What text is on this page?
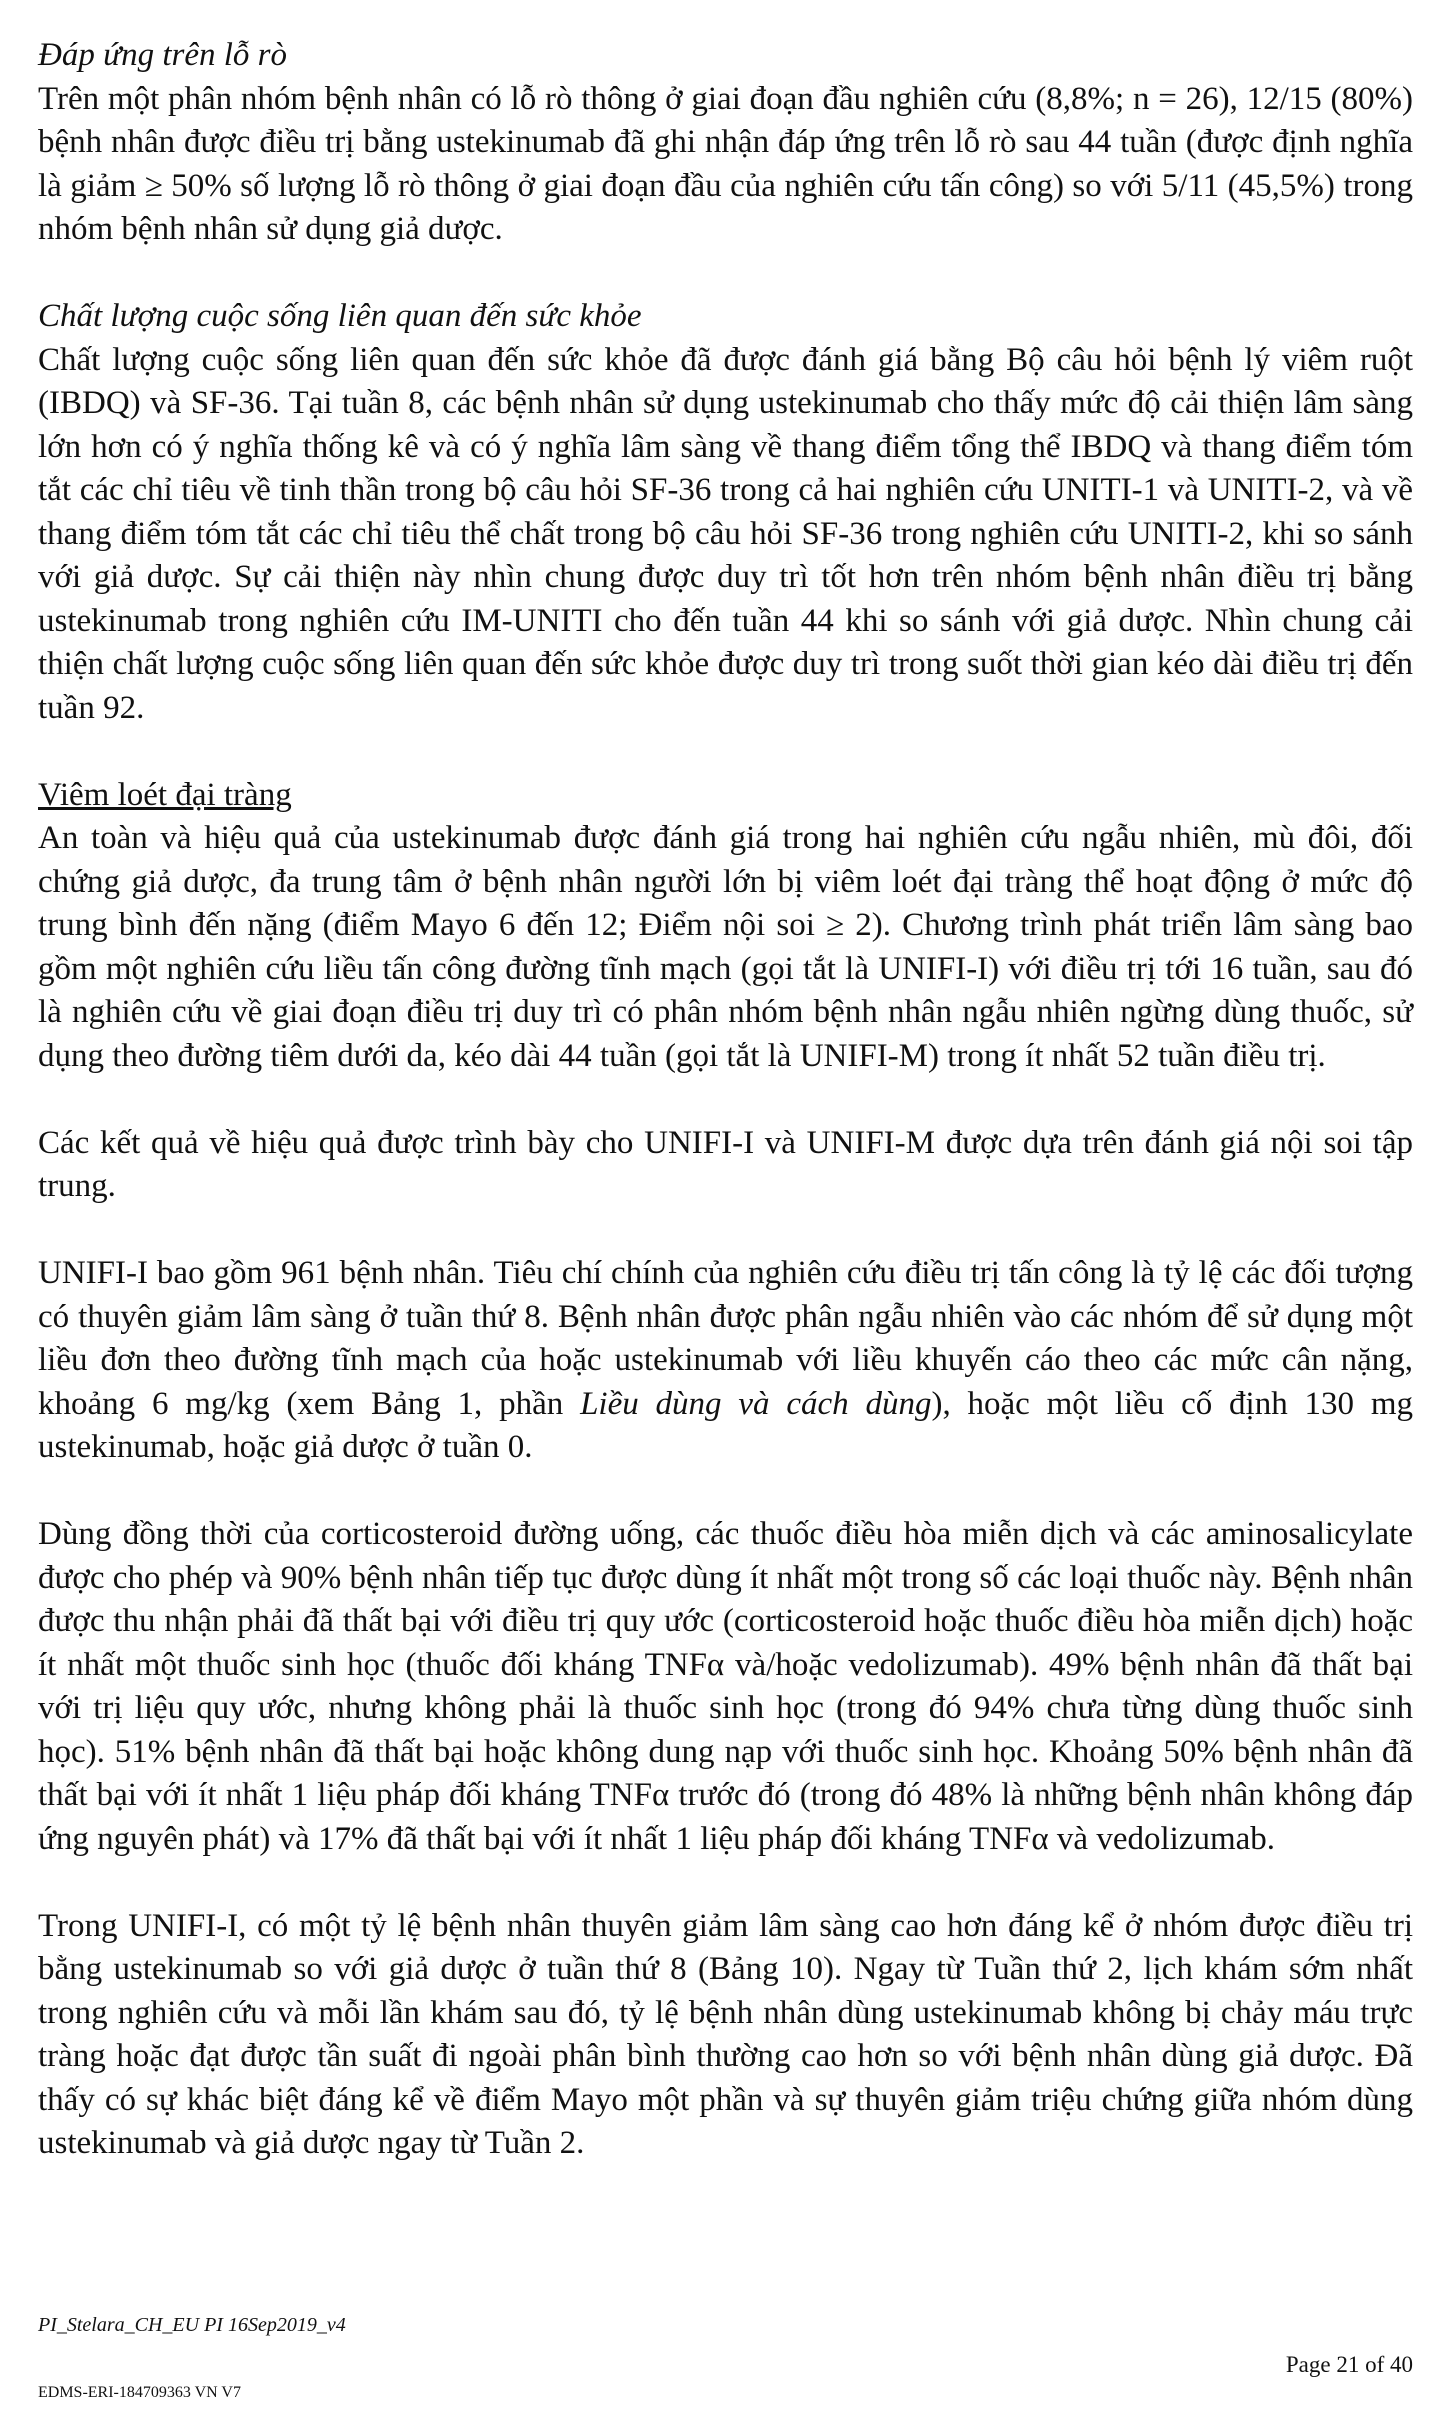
Đáp ứng trên lỗ rò

Trên một phân nhóm bệnh nhân có lỗ rò thông ở giai đoạn đầu nghiên cứu (8,8%; n = 26), 12/15 (80%) bệnh nhân được điều trị bằng ustekinumab đã ghi nhận đáp ứng trên lỗ rò sau 44 tuần (được định nghĩa là giảm ≥ 50% số lượng lỗ rò thông ở giai đoạn đầu của nghiên cứu tấn công) so với 5/11 (45,5%) trong nhóm bệnh nhân sử dụng giả dược.

Chất lượng cuộc sống liên quan đến sức khỏe

Chất lượng cuộc sống liên quan đến sức khỏe đã được đánh giá bằng Bộ câu hỏi bệnh lý viêm ruột (IBDQ) và SF-36. Tại tuần 8, các bệnh nhân sử dụng ustekinumab cho thấy mức độ cải thiện lâm sàng lớn hơn có ý nghĩa thống kê và có ý nghĩa lâm sàng về thang điểm tổng thể IBDQ và thang điểm tóm tắt các chỉ tiêu về tinh thần trong bộ câu hỏi SF-36 trong cả hai nghiên cứu UNITI-1 và UNITI-2, và về thang điểm tóm tắt các chỉ tiêu thể chất trong bộ câu hỏi SF-36 trong nghiên cứu UNITI-2, khi so sánh với giả dược. Sự cải thiện này nhìn chung được duy trì tốt hơn trên nhóm bệnh nhân điều trị bằng ustekinumab trong nghiên cứu IM-UNITI cho đến tuần 44 khi so sánh với giả dược. Nhìn chung cải thiện chất lượng cuộc sống liên quan đến sức khỏe được duy trì trong suốt thời gian kéo dài điều trị đến tuần 92.

Viêm loét đại tràng

An toàn và hiệu quả của ustekinumab được đánh giá trong hai nghiên cứu ngẫu nhiên, mù đôi, đối chứng giả dược, đa trung tâm ở bệnh nhân người lớn bị viêm loét đại tràng thể hoạt động ở mức độ trung bình đến nặng (điểm Mayo 6 đến 12; Điểm nội soi ≥ 2). Chương trình phát triển lâm sàng bao gồm một nghiên cứu liều tấn công đường tĩnh mạch (gọi tắt là UNIFI-I) với điều trị tới 16 tuần, sau đó là nghiên cứu về giai đoạn điều trị duy trì có phân nhóm bệnh nhân ngẫu nhiên ngừng dùng thuốc, sử dụng theo đường tiêm dưới da, kéo dài 44 tuần (gọi tắt là UNIFI-M) trong ít nhất 52 tuần điều trị.

Các kết quả về hiệu quả được trình bày cho UNIFI-I và UNIFI-M được dựa trên đánh giá nội soi tập trung.

UNIFI-I bao gồm 961 bệnh nhân. Tiêu chí chính của nghiên cứu điều trị tấn công là tỷ lệ các đối tượng có thuyên giảm lâm sàng ở tuần thứ 8. Bệnh nhân được phân ngẫu nhiên vào các nhóm để sử dụng một liều đơn theo đường tĩnh mạch của hoặc ustekinumab với liều khuyến cáo theo các mức cân nặng, khoảng 6 mg/kg (xem Bảng 1, phần Liều dùng và cách dùng), hoặc một liều cố định 130 mg ustekinumab, hoặc giả dược ở tuần 0.

Dùng đồng thời của corticosteroid đường uống, các thuốc điều hòa miễn dịch và các aminosalicylate được cho phép và 90% bệnh nhân tiếp tục được dùng ít nhất một trong số các loại thuốc này. Bệnh nhân được thu nhận phải đã thất bại với điều trị quy ước (corticosteroid hoặc thuốc điều hòa miễn dịch) hoặc ít nhất một thuốc sinh học (thuốc đối kháng TNFα và/hoặc vedolizumab). 49% bệnh nhân đã thất bại với trị liệu quy ước, nhưng không phải là thuốc sinh học (trong đó 94% chưa từng dùng thuốc sinh học). 51% bệnh nhân đã thất bại hoặc không dung nạp với thuốc sinh học. Khoảng 50% bệnh nhân đã thất bại với ít nhất 1 liệu pháp đối kháng TNFα trước đó (trong đó 48% là những bệnh nhân không đáp ứng nguyên phát) và 17% đã thất bại với ít nhất 1 liệu pháp đối kháng TNFα và vedolizumab.

Trong UNIFI-I, có một tỷ lệ bệnh nhân thuyên giảm lâm sàng cao hơn đáng kể ở nhóm được điều trị bằng ustekinumab so với giả dược ở tuần thứ 8 (Bảng 10). Ngay từ Tuần thứ 2, lịch khám sớm nhất trong nghiên cứu và mỗi lần khám sau đó, tỷ lệ bệnh nhân dùng ustekinumab không bị chảy máu trực tràng hoặc đạt được tần suất đi ngoài phân bình thường cao hơn so với bệnh nhân dùng giả dược. Đã thấy có sự khác biệt đáng kể về điểm Mayo một phần và sự thuyên giảm triệu chứng giữa nhóm dùng ustekinumab và giả dược ngay từ Tuần 2.

PI_Stelara_CH_EU PI 16Sep2019_v4
EDMS-ERI-184709363 VN V7
Page 21 of 40
